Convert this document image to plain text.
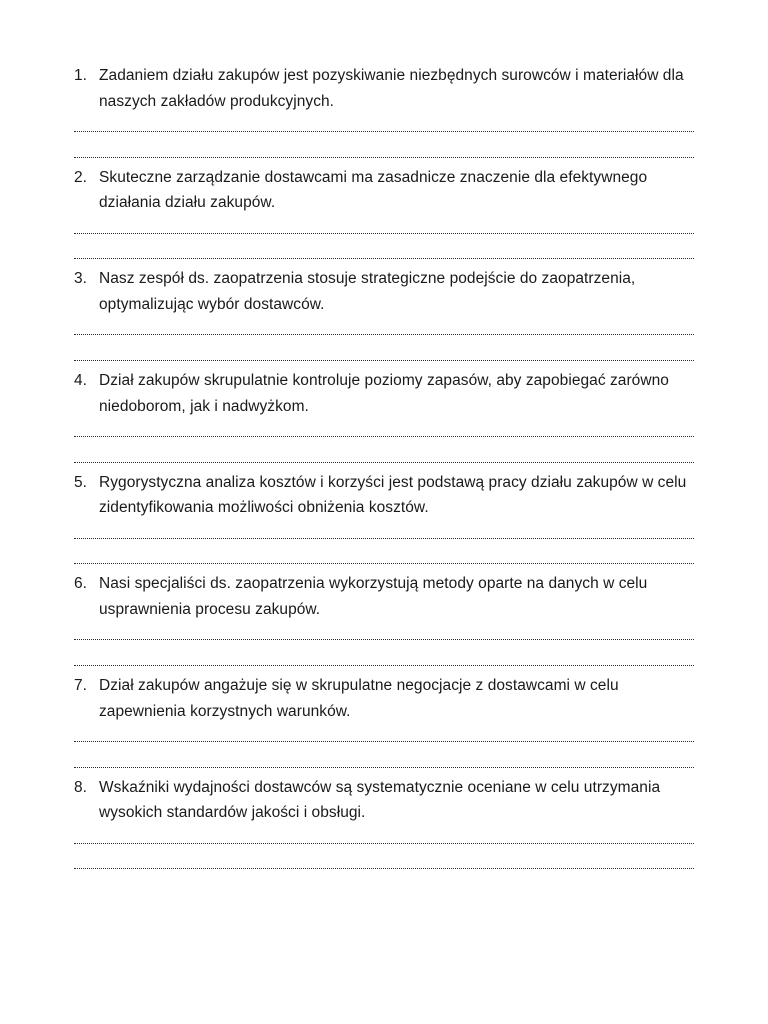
1. Zadaniem działu zakupów jest pozyskiwanie niezbędnych surowców i materiałów dla naszych zakładów produkcyjnych.
2. Skuteczne zarządzanie dostawcami ma zasadnicze znaczenie dla efektywnego działania działu zakupów.
3. Nasz zespół ds. zaopatrzenia stosuje strategiczne podejście do zaopatrzenia, optymalizując wybór dostawców.
4. Dział zakupów skrupulatnie kontroluje poziomy zapasów, aby zapobiegać zarówno niedoborom, jak i nadwyżkom.
5. Rygorystyczna analiza kosztów i korzyści jest podstawą pracy działu zakupów w celu zidentyfikowania możliwości obniżenia kosztów.
6. Nasi specjaliści ds. zaopatrzenia wykorzystują metody oparte na danych w celu usprawnienia procesu zakupów.
7. Dział zakupów angażuje się w skrupulatne negocjacje z dostawcami w celu zapewnienia korzystnych warunków.
8. Wskaźniki wydajności dostawców są systematycznie oceniane w celu utrzymania wysokich standardów jakości i obsługi.
